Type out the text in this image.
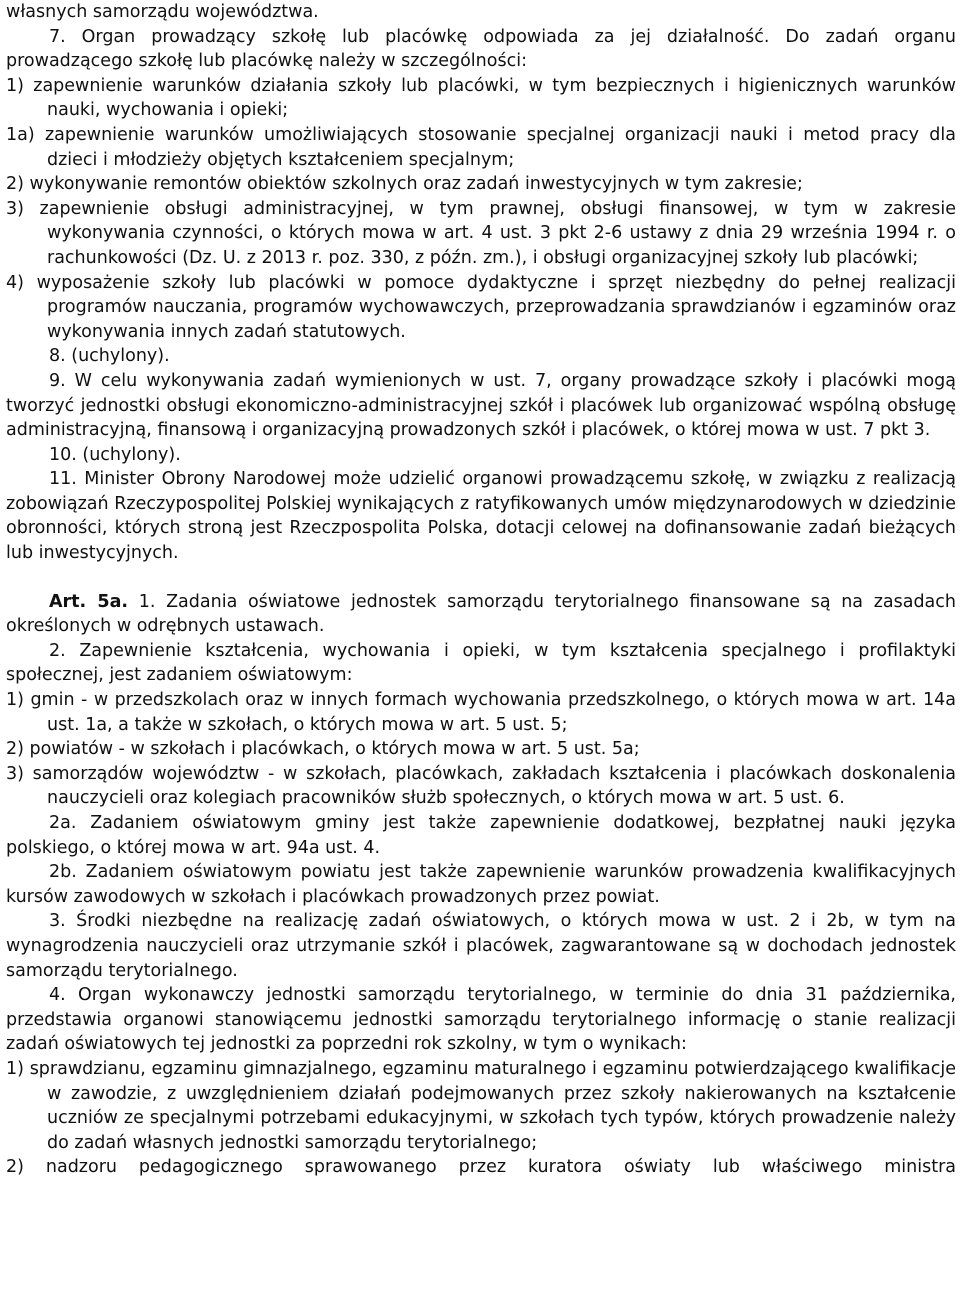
własnych samorządu województwa.

7. Organ prowadzący szkołę lub placówkę odpowiada za jej działalność. Do zadań organu prowadzącego szkołę lub placówkę należy w szczególności:

1) zapewnienie warunków działania szkoły lub placówki, w tym bezpiecznych i higienicznych warunków nauki, wychowania i opieki;

1a) zapewnienie warunków umożliwiających stosowanie specjalnej organizacji nauki i metod pracy dla dzieci i młodzieży objętych kształceniem specjalnym;

2) wykonywanie remontów obiektów szkolnych oraz zadań inwestycyjnych w tym zakresie;

3) zapewnienie obsługi administracyjnej, w tym prawnej, obsługi finansowej, w tym w zakresie wykonywania czynności, o których mowa w art. 4 ust. 3 pkt 2-6 ustawy z dnia 29 września 1994 r. o rachunkowości (Dz. U. z 2013 r. poz. 330, z późn. zm.), i obsługi organizacyjnej szkoły lub placówki;

4) wyposażenie szkoły lub placówki w pomoce dydaktyczne i sprzęt niezbędny do pełnej realizacji programów nauczania, programów wychowawczych, przeprowadzania sprawdzianów i egzaminów oraz wykonywania innych zadań statutowych.

8. (uchylony).

9. W celu wykonywania zadań wymienionych w ust. 7, organy prowadzące szkoły i placówki mogą tworzyć jednostki obsługi ekonomiczno-administracyjnej szkół i placówek lub organizować wspólną obsługę administracyjną, finansową i organizacyjną prowadzonych szkół i placówek, o której mowa w ust. 7 pkt 3.

10. (uchylony).

11. Minister Obrony Narodowej może udzielić organowi prowadzącemu szkołę, w związku z realizacją zobowiązań Rzeczypospolitej Polskiej wynikających z ratyfikowanych umów międzynarodowych w dziedzinie obronności, których stroną jest Rzeczpospolita Polska, dotacji celowej na dofinansowanie zadań bieżących lub inwestycyjnych.

Art. 5a. 1. Zadania oświatowe jednostek samorządu terytorialnego finansowane są na zasadach określonych w odrębnych ustawach.

2. Zapewnienie kształcenia, wychowania i opieki, w tym kształcenia specjalnego i profilaktyki społecznej, jest zadaniem oświatowym:

1) gmin - w przedszkolach oraz w innych formach wychowania przedszkolnego, o których mowa w art. 14a ust. 1a, a także w szkołach, o których mowa w art. 5 ust. 5;

2) powiatów - w szkołach i placówkach, o których mowa w art. 5 ust. 5a;

3) samorządów województw - w szkołach, placówkach, zakładach kształcenia i placówkach doskonalenia nauczycieli oraz kolegiach pracowników służb społecznych, o których mowa w art. 5 ust. 6.

2a. Zadaniem oświatowym gminy jest także zapewnienie dodatkowej, bezpłatnej nauki języka polskiego, o której mowa w art. 94a ust. 4.

2b. Zadaniem oświatowym powiatu jest także zapewnienie warunków prowadzenia kwalifikacyjnych kursów zawodowych w szkołach i placówkach prowadzonych przez powiat.

3. Środki niezbędne na realizację zadań oświatowych, o których mowa w ust. 2 i 2b, w tym na wynagrodzenia nauczycieli oraz utrzymanie szkół i placówek, zagwarantowane są w dochodach jednostek samorządu terytorialnego.

4. Organ wykonawczy jednostki samorządu terytorialnego, w terminie do dnia 31 października, przedstawia organowi stanowiącemu jednostki samorządu terytorialnego informację o stanie realizacji zadań oświatowych tej jednostki za poprzedni rok szkolny, w tym o wynikach:

1) sprawdzianu, egzaminu gimnazjalnego, egzaminu maturalnego i egzaminu potwierdzającego kwalifikacje w zawodzie, z uwzględnieniem działań podejmowanych przez szkoły nakierowanych na kształcenie uczniów ze specjalnymi potrzebami edukacyjnymi, w szkołach tych typów, których prowadzenie należy do zadań własnych jednostki samorządu terytorialnego;

2) nadzoru pedagogicznego sprawowanego przez kuratora oświaty lub właściwego ministra
